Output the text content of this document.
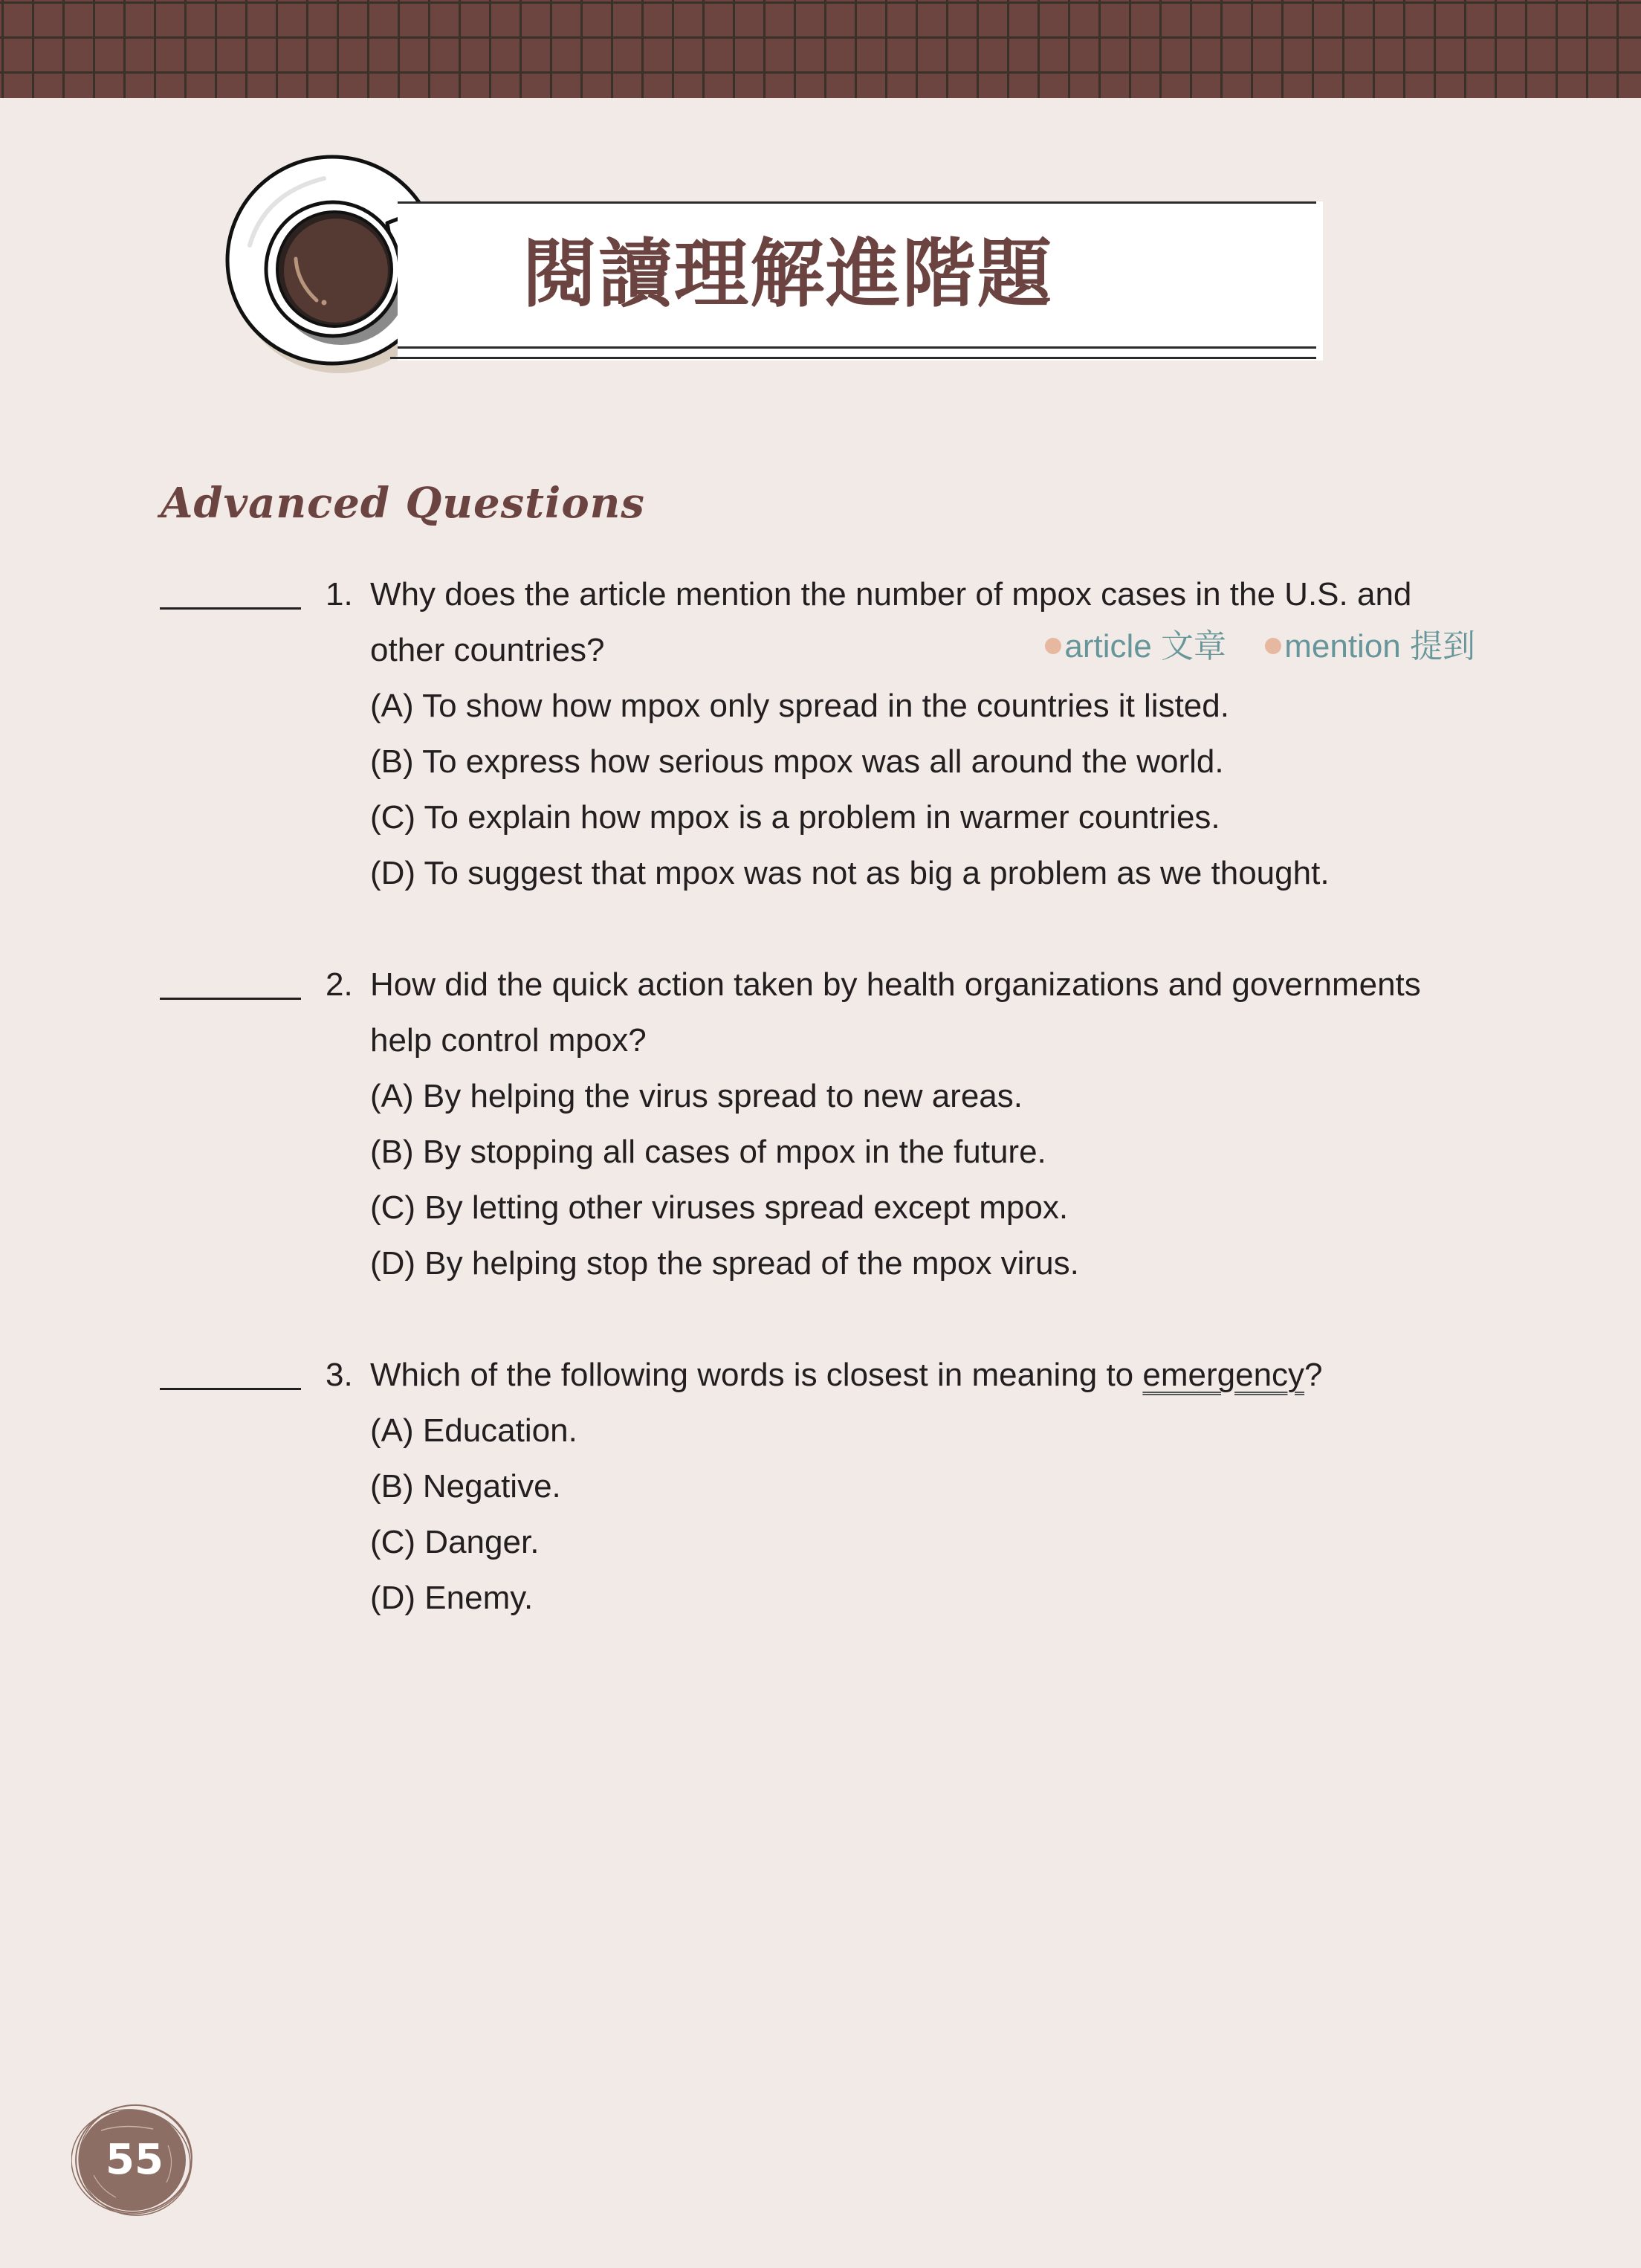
閱讀理解進階題
Advanced Questions
1. Why does the article mention the number of mpox cases in the U.S. and
other countries?	article 文章 mention 提到
(A) To show how mpox only spread in the countries it listed.
(B) To express how serious mpox was all around the world.
(C) To explain how mpox is a problem in warmer countries.
(D) To suggest that mpox was not as big a problem as we thought.
2. How did the quick action taken by health organizations and governments
help control mpox?
(A) By helping the virus spread to new areas.
(B) By stopping all cases of mpox in the future.
(C) By letting other viruses spread except mpox.
(D) By helping stop the spread of the mpox virus.
3. Which of the following words is closest in meaning to emergency?
(A) Education.
(B) Negative.
(C) Danger.
(D) Enemy.
55
